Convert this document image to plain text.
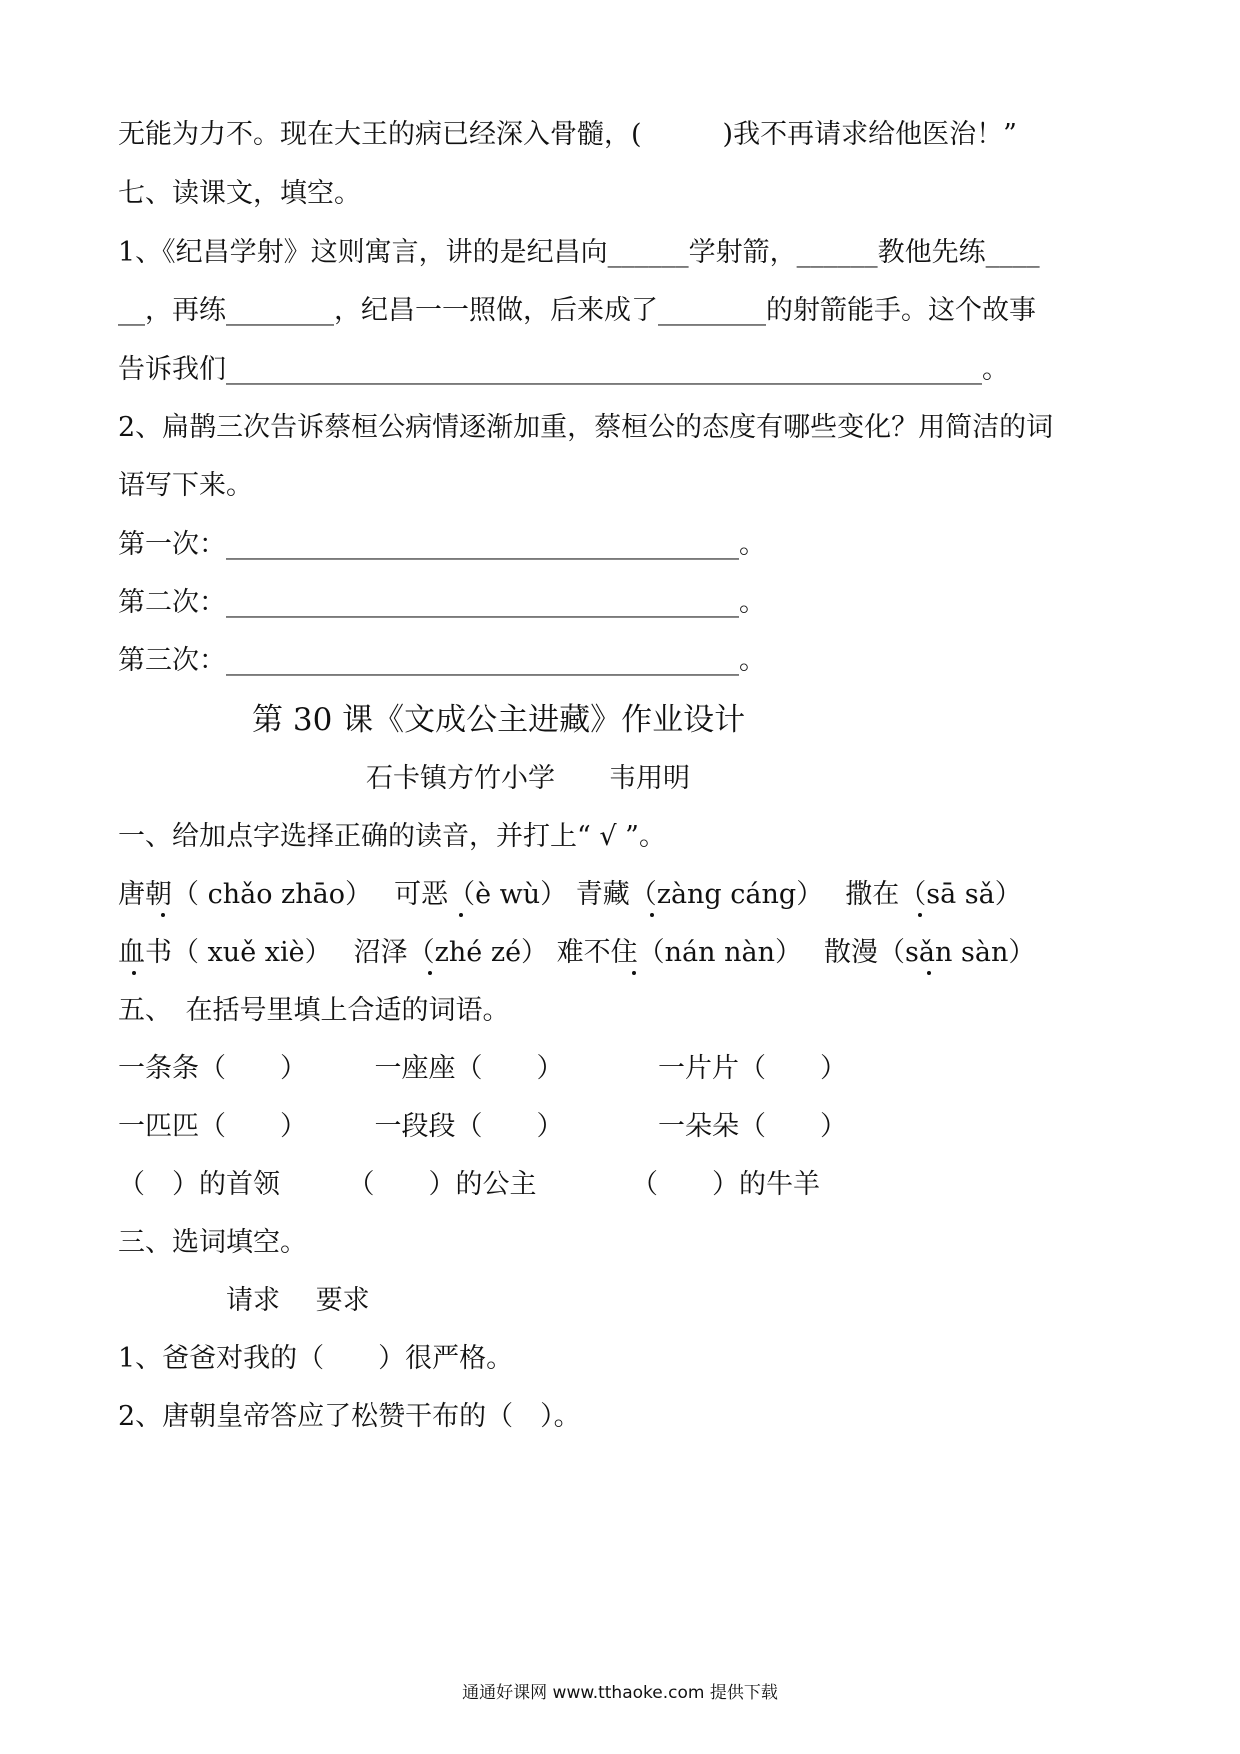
无能为力不。现在大王的病已经深入骨髓，(　　　)我不再请求给他医治！”
七、读课文，填空。
1、《纪昌学射》这则寓言，讲的是纪昌向______学射箭，______教他先练____
__，再练________，纪昌一一照做，后来成了________的射箭能手。这个故事
告诉我们________________________________________________________。
2、扁鹊三次告诉蔡桓公病情逐渐加重，蔡桓公的态度有哪些变化？用简洁的词
语写下来。
第一次：______________________________________。
第二次：______________________________________。
第三次：______________________________________。
第 30 课《文成公主进藏》作业设计
石卡镇方竹小学　　韦用明
一、给加点字选择正确的读音，并打上“ √ ”。
唐朝（ chǎo zhāo）　 可恶（è wù） 青藏（zàng cáng）　 撒在（sā sǎ）
血书（ xuě xiè）　 沼泽（zhé zé） 难不住（nán nàn）　 散漫（sǎn sàn）
五、　在括号里填上合适的词语。
一条条（　　）　　　一座座（　　）　　　　一片片（　　）
一匹匹（　　）　　　一段段（　　）　　　　一朵朵（　　）
（　）的首领　　　（　　）的公主　　　　（　　）的牛羊
三、选词填空。
　　　　请求　 要求
1、爸爸对我的（　　）很严格。
2、唐朝皇帝答应了松赞干布的（　）。
通通好课网 www.tthaoke.com 提供下载
